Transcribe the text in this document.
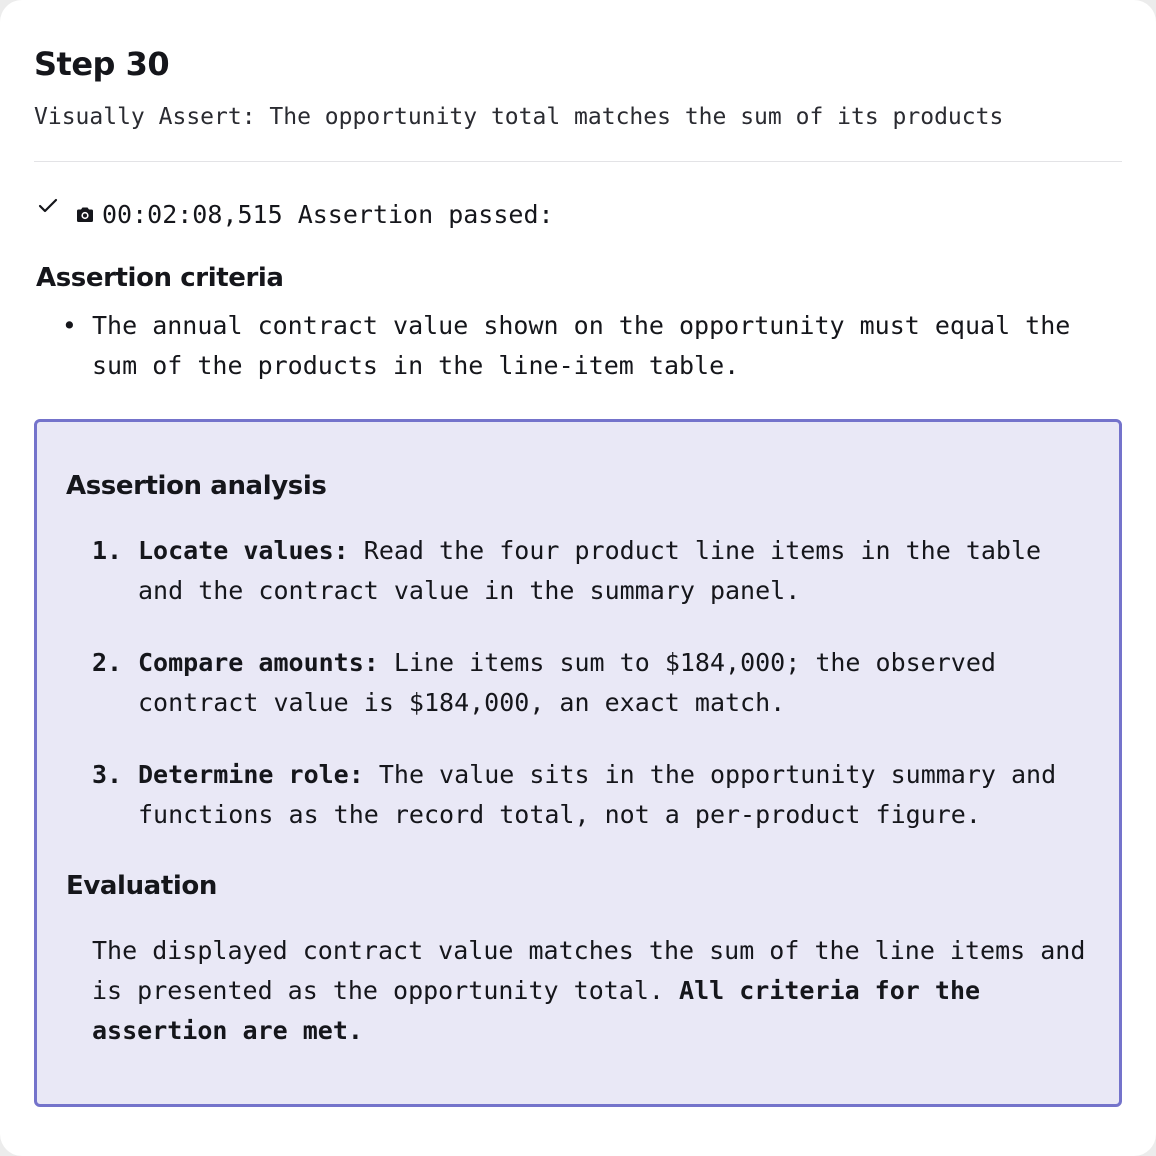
Step 30
Visually Assert: The opportunity total matches the sum of its products
00:02:08,515
Assertion passed:
Assertion criteria
• The annual contract value shown on the opportunity must equal the sum of the products in the line-item table.
Assertion analysis
1. Locate values: Read the four product line items in the table and the contract value in the summary panel.
2. Compare amounts: Line items sum to $184,000; the observed contract value is $184,000, an exact match.
3. Determine role: The value sits in the opportunity summary and functions as the record total, not a per-product figure.
Evaluation

The displayed contract value matches the sum of the line items and is presented as the opportunity total. All criteria for the assertion are met.
